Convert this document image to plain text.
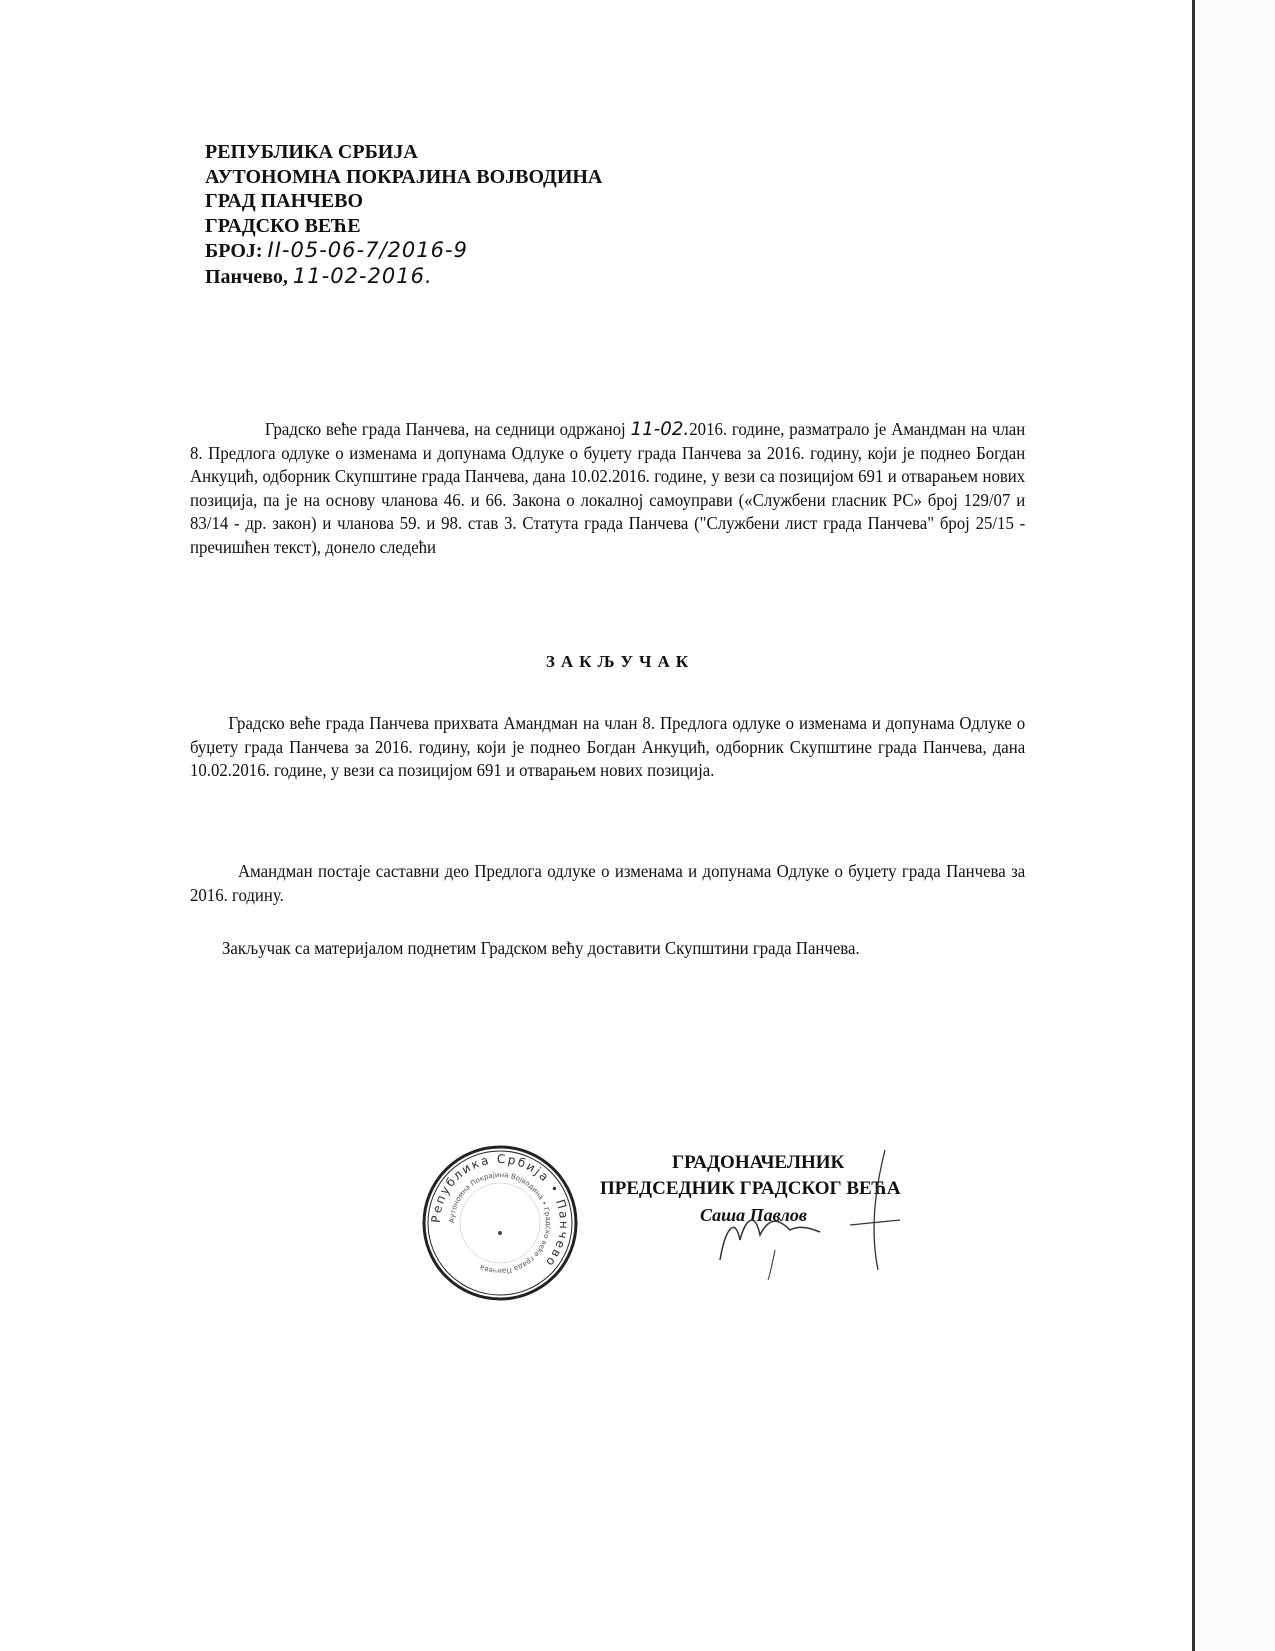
РЕПУБЛИКА СРБИЈА
АУТОНОМНА ПОКРАЈИНА ВОЈВОДИНА
ГРАД ПАНЧЕВО
ГРАДСКО ВЕЋЕ
БРОЈ: II-05-06-7/2016-9
Панчево, 11-02-2016.
Градско веће града Панчева, на седници одржаној 11-02.2016. године, разматрало је Амандман на члан 8. Предлога одлуке о изменама и допунама Одлуке о буџету града Панчева за 2016. годину, који је поднео Богдан Анкуцић, одборник Скупштине града Панчева, дана 10.02.2016. године, у вези са позицијом 691 и отварањем нових позиција, па је на основу чланова 46. и 66. Закона о локалној самоуправи («Службени гласник РС» број 129/07 и 83/14 - др. закон) и чланова 59. и 98. став 3. Статута града Панчева ("Службени лист града Панчева" број 25/15 - пречишћен текст), донело следећи
ЗАКЉУЧАК
Градско веће града Панчева прихвата Амандман на члан 8. Предлога одлуке о изменама и допунама Одлуке о буџету града Панчева за 2016. годину, који је поднео Богдан Анкуцић, одборник Скупштине града Панчева, дана 10.02.2016. године, у вези са позицијом 691 и отварањем нових позиција.
Амандман постаје саставни део Предлога одлуке о изменама и допунама Одлуке о буџету града Панчева за 2016. годину.
Закључак са материјалом поднетим Градском већу доставити Скупштини града Панчева.
Република Србија • Панчево
Аутономна Покрајина Војводина • Градско веће града Панчева
ГРАДОНАЧЕЛНИК
ПРЕДСЕДНИК ГРАДСКОГ ВЕЋА
Саша Павлов
